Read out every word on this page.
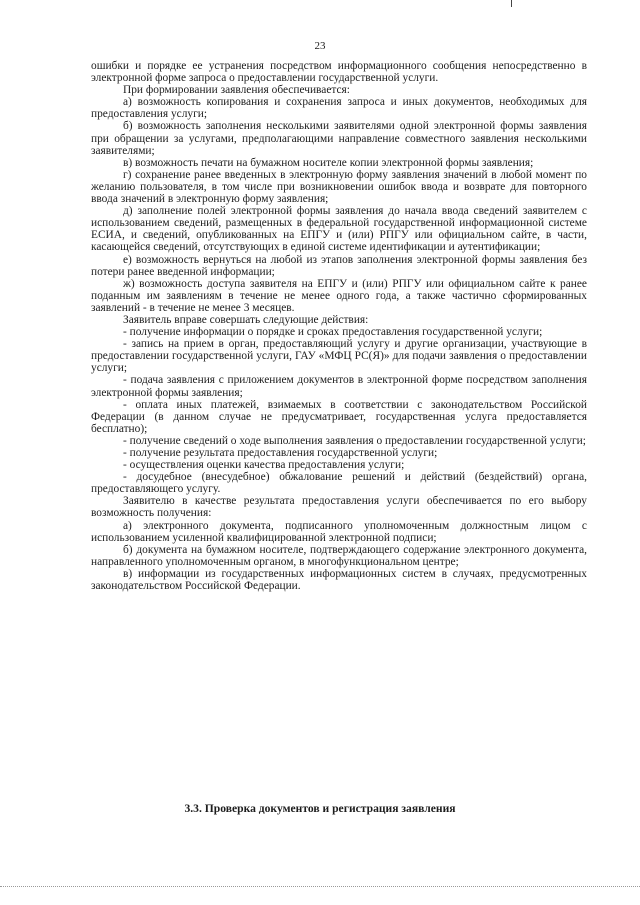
23

ошибки и порядке ее устранения посредством информационного сообщения непосредственно в электронной форме запроса о предоставлении государственной услуги.

При формировании заявления обеспечивается:

а) возможность копирования и сохранения запроса и иных документов, необходимых для предоставления услуги;

б) возможность заполнения несколькими заявителями одной электронной формы заявления при обращении за услугами, предполагающими направление совместного заявления несколькими заявителями;

в) возможность печати на бумажном носителе копии электронной формы заявления;

г) сохранение ранее введенных в электронную форму заявления значений в любой момент по желанию пользователя, в том числе при возникновении ошибок ввода и возврате для повторного ввода значений в электронную форму заявления;

д) заполнение полей электронной формы заявления до начала ввода сведений заявителем с использованием сведений, размещенных в федеральной государственной информационной системе ЕСИА, и сведений, опубликованных на ЕПГУ и (или) РПГУ или официальном сайте, в части, касающейся сведений, отсутствующих в единой системе идентификации и аутентификации;

е) возможность вернуться на любой из этапов заполнения электронной формы заявления без потери ранее введенной информации;

ж) возможность доступа заявителя на ЕПГУ и (или) РПГУ или официальном сайте к ранее поданным им заявлениям в течение не менее одного года, а также частично сформированных заявлений - в течение не менее 3 месяцев.

Заявитель вправе совершать следующие действия:

- получение информации о порядке и сроках предоставления государственной услуги;

- запись на прием в орган, предоставляющий услугу и другие организации, участвующие в предоставлении государственной услуги, ГАУ «МФЦ РС(Я)» для подачи заявления о предоставлении услуги;

- подача заявления с приложением документов в электронной форме посредством заполнения электронной формы заявления;

- оплата иных платежей, взимаемых в соответствии с законодательством Российской Федерации (в данном случае не предусматривает, государственная услуга предоставляется бесплатно);

- получение сведений о ходе выполнения заявления о предоставлении государственной услуги;

- получение результата предоставления государственной услуги;

- осуществления оценки качества предоставления услуги;

- досудебное (внесудебное) обжалование решений и действий (бездействий) органа, предоставляющего услугу.

Заявителю в качестве результата предоставления услуги обеспечивается по его выбору возможность получения:

а) электронного документа, подписанного уполномоченным должностным лицом с использованием усиленной квалифицированной электронной подписи;

б) документа на бумажном носителе, подтверждающего содержание электронного документа, направленного уполномоченным органом, в многофункциональном центре;

в) информации из государственных информационных систем в случаях, предусмотренных законодательством Российской Федерации.

3.3. Проверка документов и регистрация заявления
